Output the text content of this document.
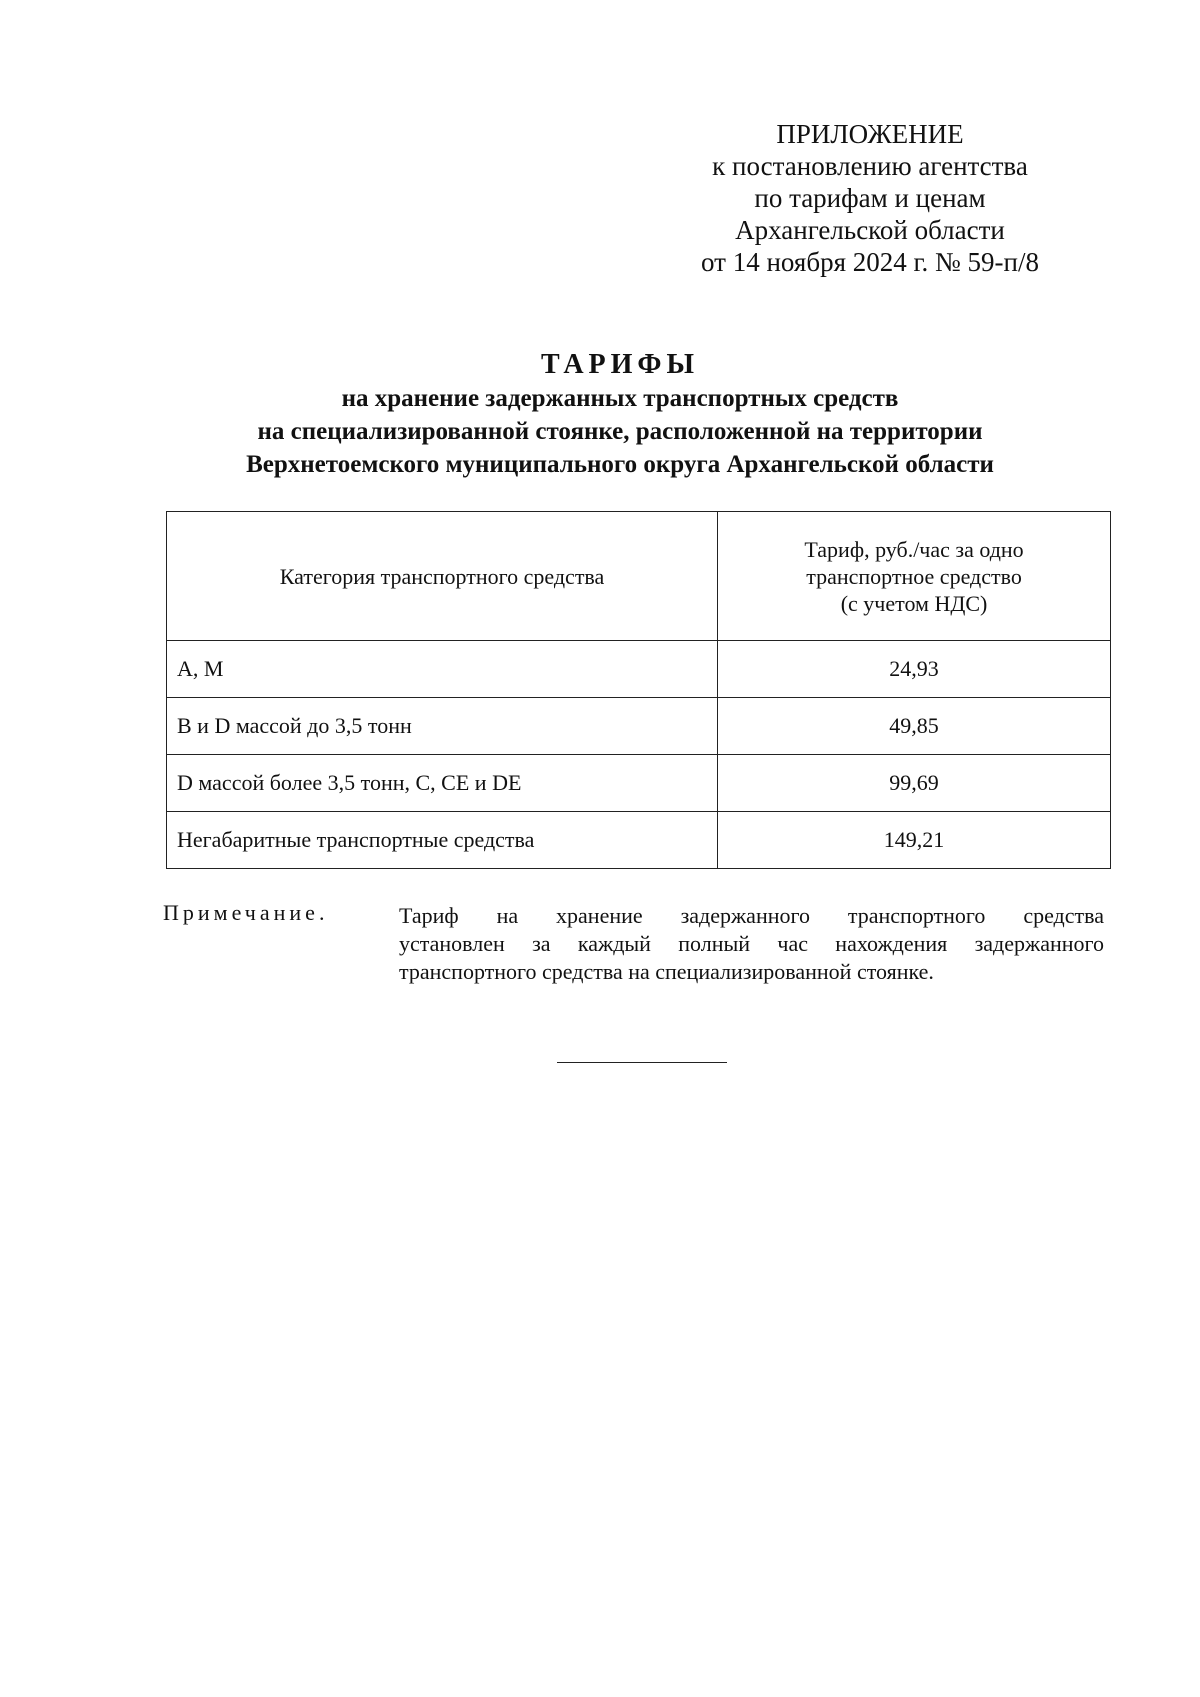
ПРИЛОЖЕНИЕ
к постановлению агентства
по тарифам и ценам
Архангельской области
от 14 ноября 2024 г. № 59-п/8
ТАРИФЫ
на хранение задержанных транспортных средств
на специализированной стоянке, расположенной на территории
Верхнетоемского муниципального округа Архангельской области
Категория транспортного средства	Тариф, руб./час за одно
транспортное средство
(с учетом НДС)

А, М	24,93
В и D массой до 3,5 тонн	49,85
D массой более 3,5 тонн, С, СЕ и DЕ	99,69
Негабаритные транспортные средства	149,21
Примечание.	Тариф на хранение задержанного транспортного средства
установлен за каждый полный час нахождения задержанного
транспортного средства на специализированной стоянке.
